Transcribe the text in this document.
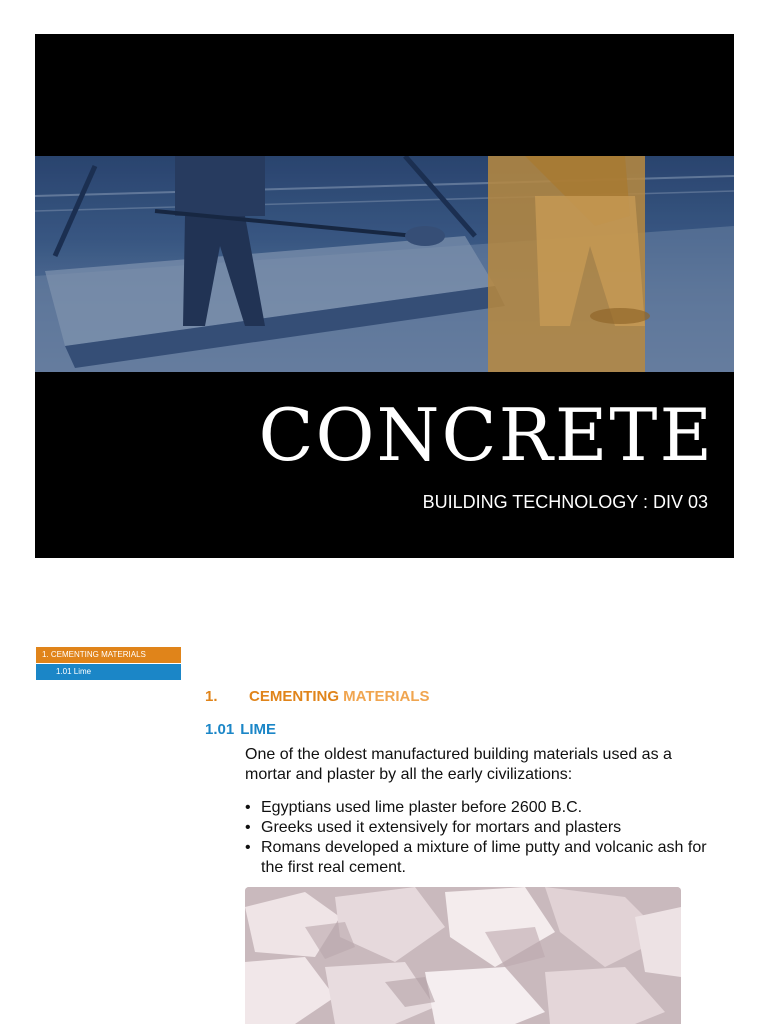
CONCRETE
BUILDING TECHNOLOGY : DIV 03
1. CEMENTING MATERIALS
1.01 Lime
1. CEMENTING MATERIALS
1.01 LIME
One of the oldest manufactured building materials used as a mortar and plaster by all the early civilizations:
• Egyptians used lime plaster before 2600 B.C.
• Greeks used it extensively for mortars and plasters
• Romans developed a mixture of lime putty and volcanic ash for the first real cement.
